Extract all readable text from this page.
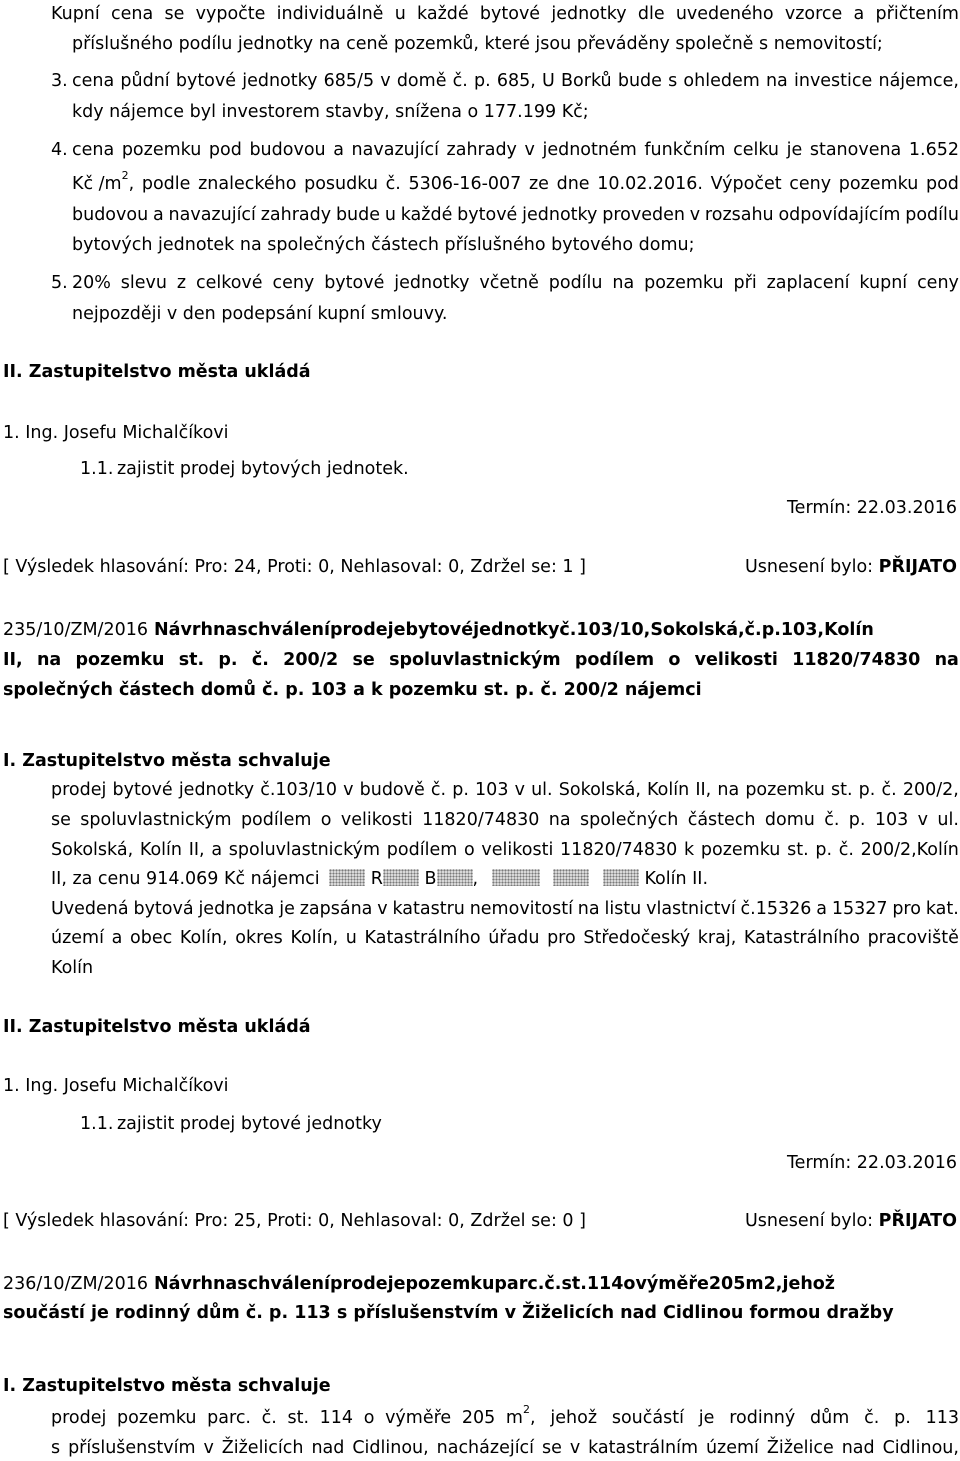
Kupní cena se vypočte individuálně u každé bytové jednotky dle uvedeného vzorce a přičtením
příslušného podílu jednotky na ceně pozemků, které jsou převáděny společně s nemovitostí;
3. cena půdní bytové jednotky 685/5 v domě č. p. 685, U Borků bude s ohledem na investice nájemce,
kdy nájemce byl investorem stavby, snížena o 177.199 Kč;
4. cena pozemku pod budovou a navazující zahrady v jednotném funkčním celku je stanovena 1.652
Kč /m 2 , podle znaleckého posudku č. 5306-16-007 ze dne 10.02.2016. Výpočet ceny pozemku pod
budovou a navazující zahrady bude u každé bytové jednotky proveden v rozsahu odpovídajícím podílu
bytových jednotek na společných částech příslušného bytového domu;
5. 20% slevu z celkové ceny bytové jednotky včetně podílu na pozemku při zaplacení kupní ceny
nejpozději v den podepsání kupní smlouvy.
II. Zastupitelstvo města ukládá
1. Ing. Josefu Michalčíkovi
1.1. zajistit prodej bytových jednotek.
Termín: 22.03.2016
[ Výsledek hlasování: Pro: 24, Proti: 0, Nehlasoval: 0, Zdržel se: 1 ]	Usnesení bylo: PŘIJATO
235/10/ZM/2016 Návrhnaschváleníprodejebytovéjednotkyč.103/10,Sokolská,č.p.103,Kolín
II, na pozemku st. p. č. 200/2 se spoluvlastnickým podílem o velikosti 11820/74830 na
společných částech domů č. p. 103 a k pozemku st. p. č. 200/2 nájemci
I. Zastupitelstvo města schvaluje
prodej bytové jednotky č.103/10 v budově č. p. 103 v ul. Sokolská, Kolín II, na pozemku st. p. č. 200/2,
se spoluvlastnickým podílem o velikosti 11820/74830 na společných částech domu č. p. 103 v ul.
Sokolská, Kolín II, a spoluvlastnickým podílem o velikosti 11820/74830 k pozemku st. p. č. 200/2,Kolín
II, za cenu 914.069 Kč nájemci	R B ,	Kolín II.
Uvedená bytová jednotka je zapsána v katastru nemovitostí na listu vlastnictví č.15326 a 15327 pro kat.
území a obec Kolín, okres Kolín, u Katastrálního úřadu pro Středočeský kraj, Katastrálního pracoviště
Kolín
II. Zastupitelstvo města ukládá
1. Ing. Josefu Michalčíkovi
1.1. zajistit prodej bytové jednotky
Termín: 22.03.2016
[ Výsledek hlasování: Pro: 25, Proti: 0, Nehlasoval: 0, Zdržel se: 0 ]	Usnesení bylo: PŘIJATO
236/10/ZM/2016 Návrhnaschváleníprodejepozemkuparc.č.st.114ovýměře205m2,jehož
součástí je rodinný dům č. p. 113 s příslušenstvím v Žiželicích nad Cidlinou formou dražby
I. Zastupitelstvo města schvaluje
prodej pozemku parc. č. st. 114 o výměře 205 m 2 , jehož součástí je rodinný dům č. p. 113
s příslušenstvím v Žiželicích nad Cidlinou, nacházející se v katastrálním území Žiželice nad Cidlinou,
